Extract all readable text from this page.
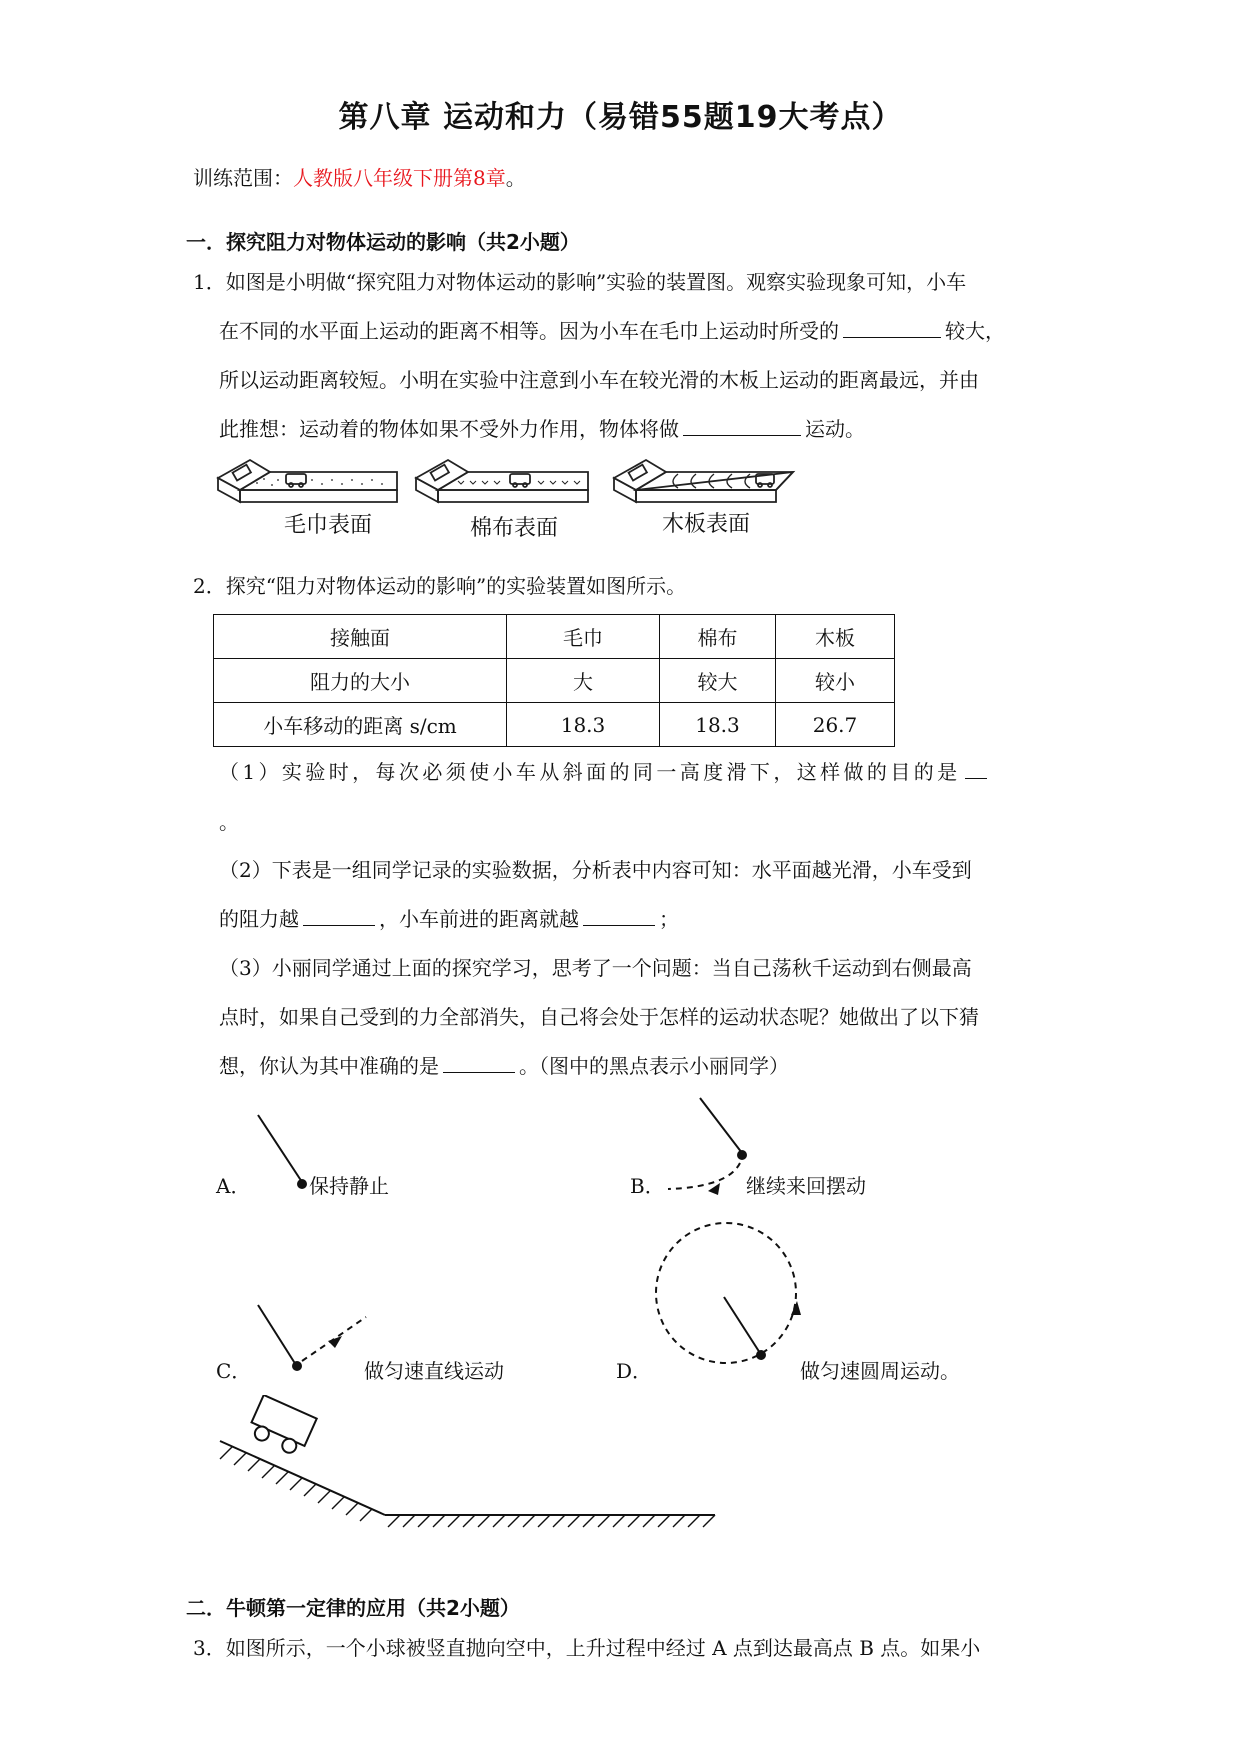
第八章 运动和力（易错55题19大考点）
训练范围：人教版八年级下册第8章。
一．探究阻力对物体运动的影响（共2小题）
1．如图是小明做“探究阻力对物体运动的影响”实验的装置图。观察实验现象可知，小车
在不同的水平面上运动的距离不相等。因为小车在毛巾上运动时所受的	较大，
所以运动距离较短。小明在实验中注意到小车在较光滑的木板上运动的距离最远，并由
此推想：运动着的物体如果不受外力作用，物体将做	运动。
毛巾表面	棉布表面	木板表面
2．探究“阻力对物体运动的影响”的实验装置如图所示。
接触面	毛巾	棉布	木板
阻力的大小	大	较大	较小
小车移动的距离 s/cm	18.3	18.3	26.7
（1）实验时，每次必须使小车从斜面的同一高度滑下，这样做的目的是
。
（2）下表是一组同学记录的实验数据，分析表中内容可知：水平面越光滑，小车受到
的阻力越	，小车前进的距离就越	；
（3）小丽同学通过上面的探究学习，思考了一个问题：当自己荡秋千运动到右侧最高
点时，如果自己受到的力全部消失，自己将会处于怎样的运动状态呢？她做出了以下猜
想，你认为其中准确的是	。（图中的黑点表示小丽同学）
A．	保持静止	B．	继续来回摆动
C．	做匀速直线运动	D．	做匀速圆周运动。
二．牛顿第一定律的应用（共2小题）
3．如图所示，一个小球被竖直抛向空中，上升过程中经过 A 点到达最高点 B 点。如果小
